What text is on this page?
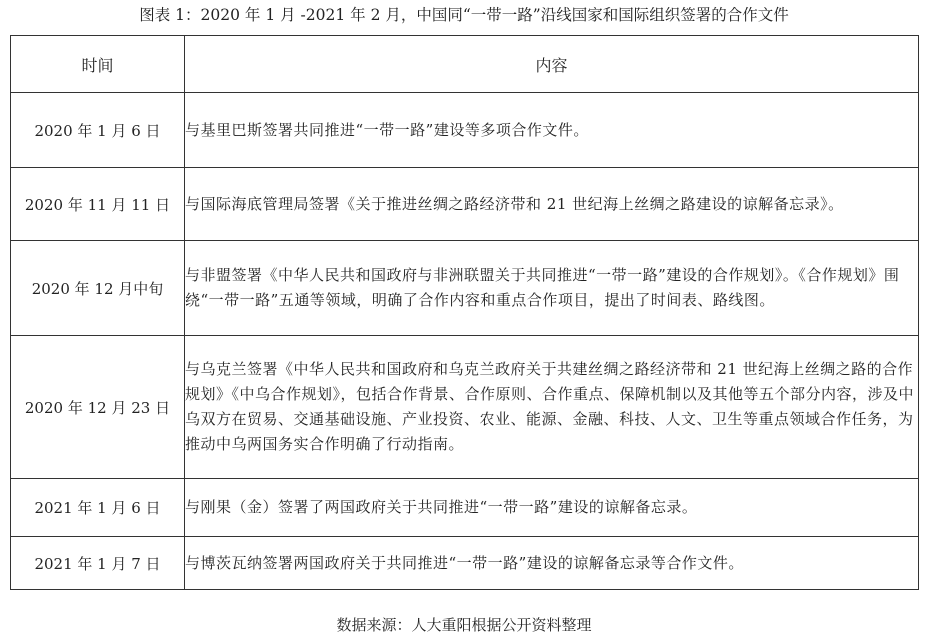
图表 1：2020 年 1 月 -2021 年 2 月，中国同“一带一路”沿线国家和国际组织签署的合作文件
时间	内容
2020 年 1 月 6 日	与基里巴斯签署共同推进“一带一路”建设等多项合作文件。
2020 年 11 月 11 日	与国际海底管理局签署《关于推进丝绸之路经济带和 21 世纪海上丝绸之路建设的谅解备忘录》。
2020 年 12 月中旬	与非盟签署《中华人民共和国政府与非洲联盟关于共同推进“一带一路”建设的合作规划》。《合作规划》围绕“一带一路”五通等领域，明确了合作内容和重点合作项目，提出了时间表、路线图。
2020 年 12 月 23 日	与乌克兰签署《中华人民共和国政府和乌克兰政府关于共建丝绸之路经济带和 21 世纪海上丝绸之路的合作规划》《中乌合作规划》，包括合作背景、合作原则、合作重点、保障机制以及其他等五个部分内容，涉及中乌双方在贸易、交通基础设施、产业投资、农业、能源、金融、科技、人文、卫生等重点领域合作任务，为推动中乌两国务实合作明确了行动指南。
2021 年 1 月 6 日	与刚果（金）签署了两国政府关于共同推进“一带一路”建设的谅解备忘录。
2021 年 1 月 7 日	与博茨瓦纳签署两国政府关于共同推进“一带一路”建设的谅解备忘录等合作文件。
数据来源：人大重阳根据公开资料整理
